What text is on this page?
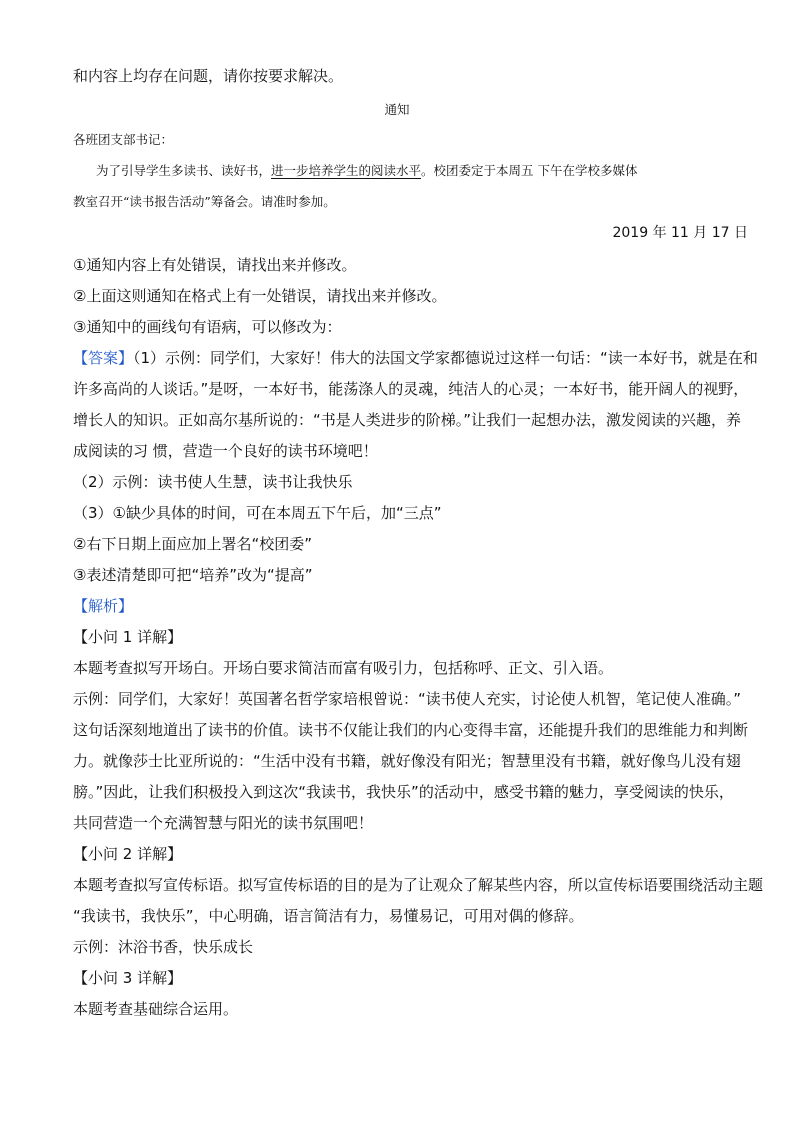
和内容上均存在问题，请你按要求解决。

通知

各班团支部书记：

为了引导学生多读书、读好书，进一步培养学生的阅读水平。校团委定于本周五 下午在学校多媒体

教室召开“读书报告活动”筹备会。请准时参加。

2019 年 11 月 17 日

①通知内容上有处错误，请找出来并修改。

②上面这则通知在格式上有一处错误，请找出来并修改。

③通知中的画线句有语病，可以修改为：

【答案】（1）示例：同学们，大家好！伟大的法国文学家都德说过这样一句话：“读一本好书，就是在和

许多高尚的人谈话。”是呀，一本好书，能荡涤人的灵魂，纯洁人的心灵；一本好书，能开阔人的视野，

增长人的知识。正如高尔基所说的：“书是人类进步的阶梯。”让我们一起想办法，激发阅读的兴趣，养

成阅读的习 惯，营造一个良好的读书环境吧！

（2）示例：读书使人生慧，读书让我快乐

（3）①缺少具体的时间，可在本周五下午后，加“三点”

②右下日期上面应加上署名“校团委”

③表述清楚即可把“培养”改为“提高”

【解析】

【小问 1 详解】

本题考查拟写开场白。开场白要求简洁而富有吸引力，包括称呼、正文、引入语。

示例：同学们，大家好！英国著名哲学家培根曾说：“读书使人充实，讨论使人机智，笔记使人准确。”

这句话深刻地道出了读书的价值。读书不仅能让我们的内心变得丰富，还能提升我们的思维能力和判断

力。就像莎士比亚所说的：“生活中没有书籍，就好像没有阳光；智慧里没有书籍，就好像鸟儿没有翅

膀。”因此，让我们积极投入到这次“我读书，我快乐”的活动中，感受书籍的魅力，享受阅读的快乐，

共同营造一个充满智慧与阳光的读书氛围吧！

【小问 2 详解】

本题考查拟写宣传标语。拟写宣传标语的目的是为了让观众了解某些内容，所以宣传标语要围绕活动主题

“我读书，我快乐”，中心明确，语言简洁有力，易懂易记，可用对偶的修辞。

示例：沐浴书香，快乐成长

【小问 3 详解】

本题考查基础综合运用。
